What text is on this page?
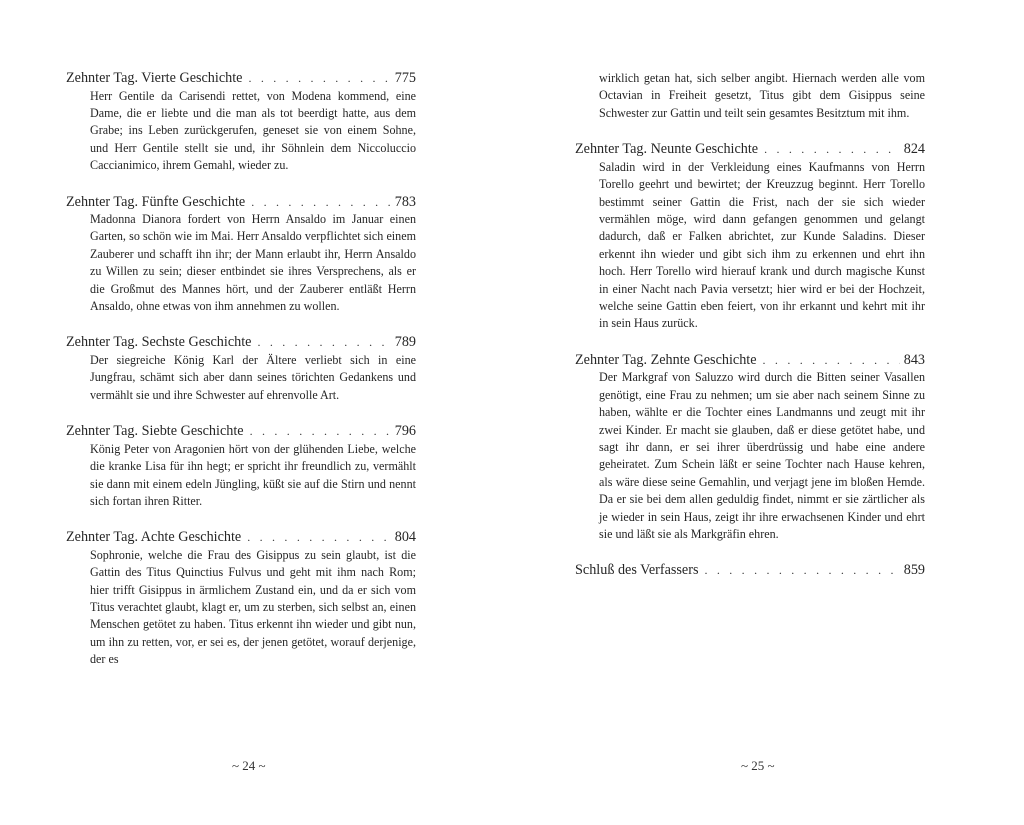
Zehnter Tag. Vierte Geschichte . . .	775

Herr Gentile da Carisendi rettet, von Modena kommend, eine Dame, die er liebte und die man als tot beerdigt hatte, aus dem Grabe; ins Leben zurückgerufen, geneset sie von einem Sohne, und Herr Gentile stellt sie und, ihr Söhnlein dem Niccoluccio Caccianimico, ihrem Gemahl, wieder zu.

Zehnter Tag. Fünfte Geschichte . . .	783

Madonna Dianora fordert von Herrn Ansaldo im Januar einen Garten, so schön wie im Mai. Herr Ansaldo verpflichtet sich einem Zauberer und schafft ihn ihr; der Mann erlaubt ihr, Herrn Ansaldo zu Willen zu sein; dieser entbindet sie ihres Versprechens, als er die Großmut des Mannes hört, und der Zauberer entläßt Herrn Ansaldo, ohne etwas von ihm annehmen zu wollen.

Zehnter Tag. Sechste Geschichte . . .	789

Der siegreiche König Karl der Ältere verliebt sich in eine Jungfrau, schämt sich aber dann seines törichten Gedankens und vermählt sie und ihre Schwester auf ehrenvolle Art.

Zehnter Tag. Siebte Geschichte . . .	796

König Peter von Aragonien hört von der glühenden Liebe, welche die kranke Lisa für ihn hegt; er spricht ihr freundlich zu, vermählt sie dann mit einem edeln Jüngling, küßt sie auf die Stirn und nennt sich fortan ihren Ritter.

Zehnter Tag. Achte Geschichte . . .	804

Sophronie, welche die Frau des Gisippus zu sein glaubt, ist die Gattin des Titus Quinctius Fulvus und geht mit ihm nach Rom; hier trifft Gisippus in ärmlichem Zustand ein, und da er sich vom Titus verachtet glaubt, klagt er, um zu sterben, sich selbst an, einen Menschen getötet zu haben. Titus erkennt ihn wieder und gibt nun, um ihn zu retten, vor, er sei es, der jenen getötet, worauf derjenige, der es

~ 24 ~

wirklich getan hat, sich selber angibt. Hiernach werden alle vom Octavian in Freiheit gesetzt, Titus gibt dem Gisippus seine Schwester zur Gattin und teilt sein gesamtes Besitztum mit ihm.

Zehnter Tag. Neunte Geschichte . . .	824

Saladin wird in der Verkleidung eines Kaufmanns von Herrn Torello geehrt und bewirtet; der Kreuzzug beginnt. Herr Torello bestimmt seiner Gattin die Frist, nach der sie sich wieder vermählen möge, wird dann gefangen genommen und gelangt dadurch, daß er Falken abrichtet, zur Kunde Saladins. Dieser erkennt ihn wieder und gibt sich ihm zu erkennen und ehrt ihn hoch. Herr Torello wird hierauf krank und durch magische Kunst in einer Nacht nach Pavia versetzt; hier wird er bei der Hochzeit, welche seine Gattin eben feiert, von ihr erkannt und kehrt mit ihr in sein Haus zurück.

Zehnter Tag. Zehnte Geschichte . . .	843

Der Markgraf von Saluzzo wird durch die Bitten seiner Vasallen genötigt, eine Frau zu nehmen; um sie aber nach seinem Sinne zu haben, wählte er die Tochter eines Landmanns und zeugt mit ihr zwei Kinder. Er macht sie glauben, daß er diese getötet habe, und sagt ihr dann, er sei ihrer überdrüssig und habe eine andere geheiratet. Zum Schein läßt er seine Tochter nach Hause kehren, als wäre diese seine Gemahlin, und verjagt jene im bloßen Hemde. Da er sie bei dem allen geduldig findet, nimmt er sie zärtlicher als je wieder in sein Haus, zeigt ihr ihre erwachsenen Kinder und ehrt sie und läßt sie als Markgräfin ehren.

Schluß des Verfassers . . .	859
~ 25 ~
